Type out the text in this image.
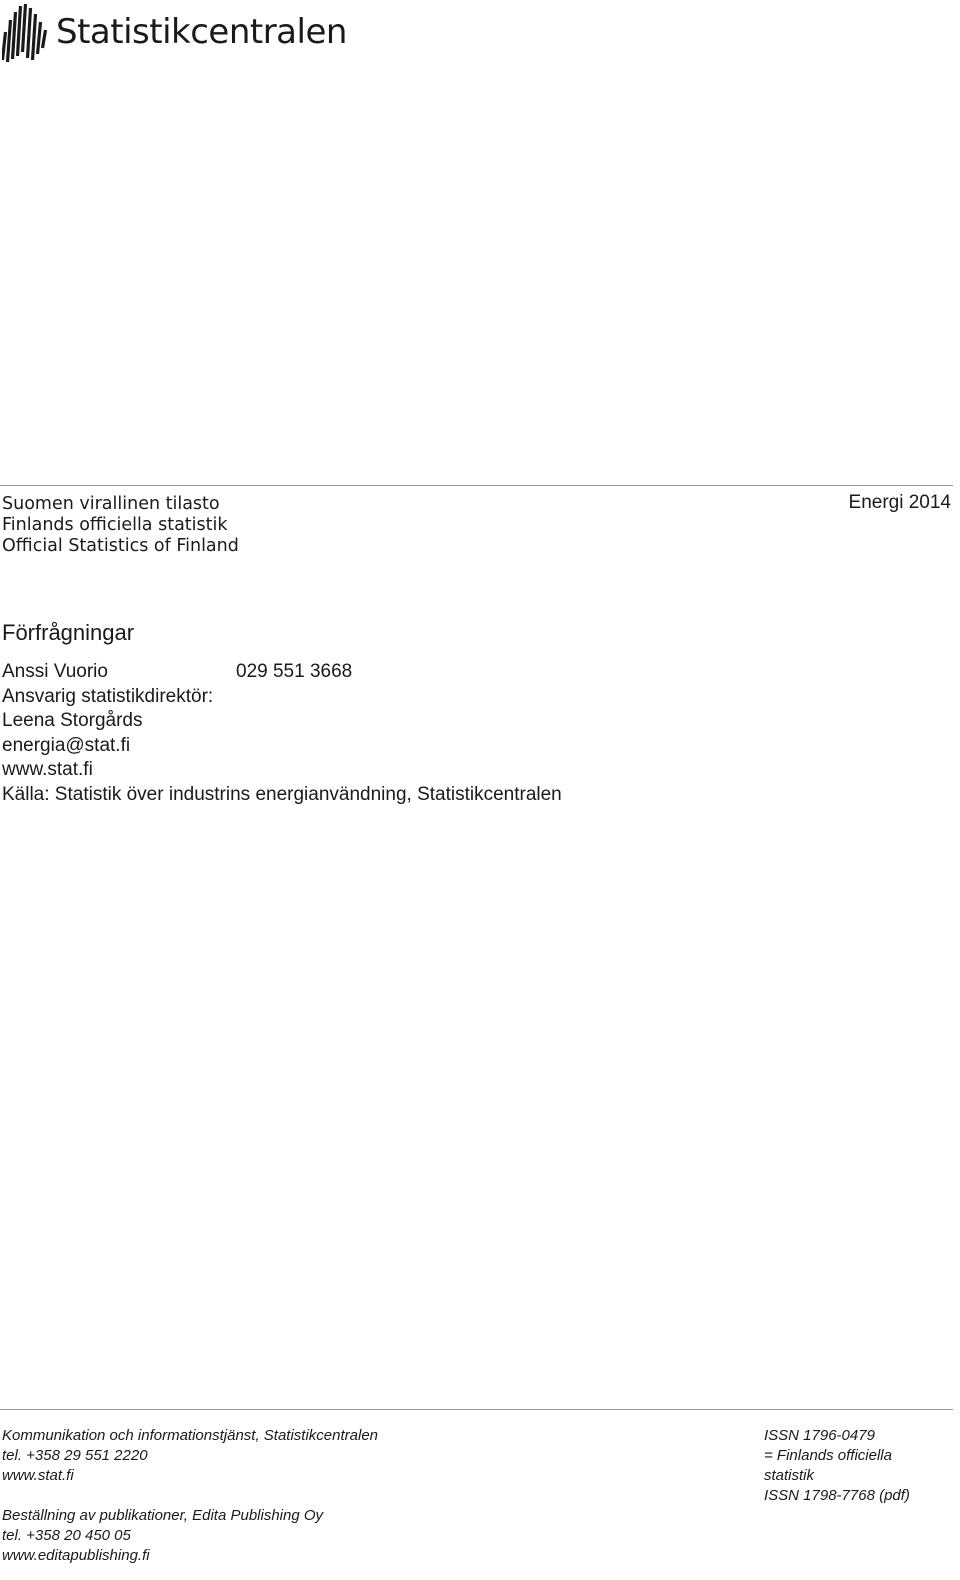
Statistikcentralen
Suomen virallinen tilasto
Finlands officiella statistik
Official Statistics of Finland
Energi 2014
Förfrågningar
Anssi Vuorio	029 551 3668
Ansvarig statistikdirektör:
Leena Storgårds
energia@stat.fi
www.stat.fi
Källa: Statistik över industrins energianvändning, Statistikcentralen
Kommunikation och informationstjänst, Statistikcentralen
tel. +358 29 551 2220
www.stat.fi
Beställning av publikationer, Edita Publishing Oy
tel. +358 20 450 05
www.editapublishing.fi
ISSN 1796-0479
= Finlands officiella
statistik
ISSN 1798-7768 (pdf)
